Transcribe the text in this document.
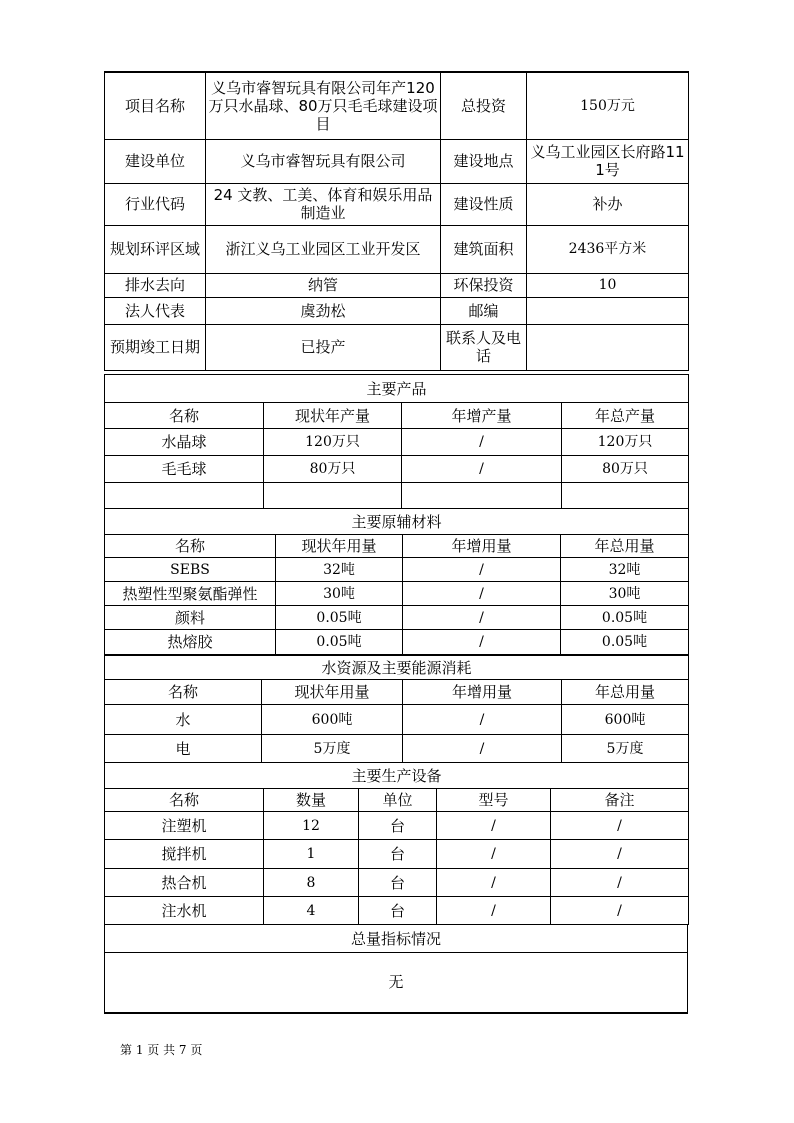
项目名称	义乌市睿智玩具有限公司年产120万只水晶球、80万只毛毛球建设项目	总投资	150万元
建设单位	义乌市睿智玩具有限公司	建设地点	义乌工业园区长府路111号
行业代码	24 文教、工美、体育和娱乐用品制造业	建设性质	补办
规划环评区域	浙江义乌工业园区工业开发区	建筑面积	2436平方米
排水去向	纳管	环保投资	10
法人代表	虞劲松	邮编	
预期竣工日期	已投产	联系人及电话	
主要产品			
名称	现状年产量	年增产量	年总产量
水晶球	120万只	/	120万只
毛毛球	80万只	/	80万只

主要原辅材料			
名称	现状年用量	年增用量	年总用量
SEBS	32吨	/	32吨
热塑性型聚氨酯弹性	30吨	/	30吨
颜料	0.05吨	/	0.05吨
热熔胶	0.05吨	/	0.05吨
水资源及主要能源消耗			
名称	现状年用量	年增用量	年总用量
水	600吨	/	600吨
电	5万度	/	5万度
主要生产设备				
名称	数量	单位	型号	备注
注塑机	12	台	/	/
搅拌机	1	台	/	/
热合机	8	台	/	/
注水机	4	台	/	/
总量指标情况
无
第 1 页 共 7 页
